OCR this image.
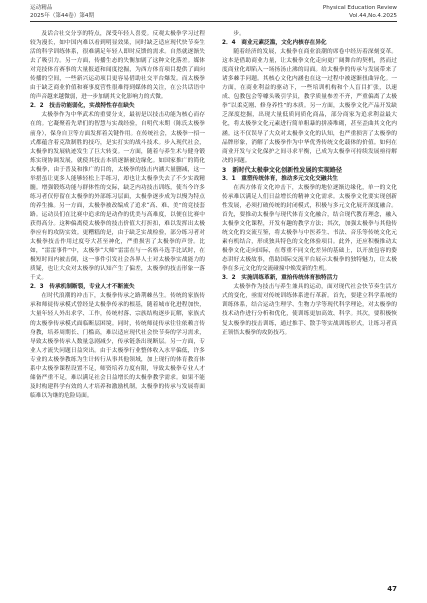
运动精品
2025年（第44卷）第4期
Physical Education Review
Vol.44,No.4.2025

及话合社交分享的特点，深受年轻人喜爱。反观太极拳学习过程较为漫长，如中国内难以看到明显效果，同时缺乏适应现代快节奏生活的科学训练体系，很难满足年轻人即时反馈的需求。自然就逐渐失去了吸引力。另一方面，传播生态的失衡加剧了这种文化落差。媒体对竞技体育赛事的大量报道和闻度挖掘，为西方体育项目提供了面向传播的空间，一些新兴运动项目更容易借助社交平台爆发。而太极拳由于缺乏商业价值和赛事度营性很难得到媒体的关注，在公共话语中的声音越来越微弱，进一步加剧其文化影响力的式微。

2．2　技击功能弱化，实战特性存在缺失

太极拳作为中华武术的重要分支，最初是以技击功能为核心而存在的。它凝聚着先辈们的智慧与实战经验，自明代末期（陈氏太极拳前身），保身自卫等方面发挥着关键作用。在传统社会，太极拳一招一式都蕴含着克敌制胜的技巧，是实打实的战斗技术。步入现代社会，太极拳的发展轨迹发生了巨大转变。一方面，随着与养生术与健身锻炼实现协调发展，就使其技击本质逐渐被边缘化。如国家推广的简化太极拳，由于普及和推广的目的，太极拳的技击内涵大量删减，这一举措虽让更多人能够轻松上手练习，却也让太极拳失去了不少实战精髓。增强锻炼功能与群体性的交际，缺乏内功技击训练，使当今许多练习者仅停留在太极拳的外部练习层面，太极拳逐步成为以慢为特点的养生操。另一方面，太极拳被改编成了追求“高、难、美”的竞技套路。运动员们在比赛中追求的是动作的优美与高难度，以便在比赛中获得高分。这种偏离使太极拳的技击价值大打折扣，难以发挥出太极拳应有的攻防实效。更糟糕的是，由于缺乏实战检验，部分练习者对太极拳技击作用过度夸大甚至神化，严重损害了太极拳的声誉。比如，“雷雷事件”中，太极拳“大师”雷雷在与一名格斗选手比试时，在极短时间内被击倒，这一事件引发社会各界人士对太极拳实战能力的质疑，也让大众对太极拳的认知产生了偏差，太极拳的技击形象一落千丈。

2．3　传承机制断裂，专业人才不断流失

在时代浪潮的冲击下，太极拳传承之路荆棘丛生。传统的家族传承和师徒传承模式曾经是太极拳传承的根基，随着城市化进程加快，大量年轻人外出求学、工作，传统村落、宗族结构逐步瓦解，家族式的太极拳传承模式面临断层困境。同时，传统师徒传承往往依赖言传身教，培养周期长、门槛高，难以适应现代社会快节奏的学习需求，导致太极拳传承人数量急剧减少，传承链条出现断层。另一方面，专业人才流失问题日益突出。由于太极拳行业整体收入水平偏低，许多专业的太极拳教练为生计转行从事其他领域，加上现行的体育教育体系中太极拳课程设置不足，师资培养力度有限，导致太极拳专业人才储备严重不足，难以满足社会日益增长的太极拳教学需求。如果不能及时构建科学有效的人才培养和激励机制，太极拳的传承与发展将面临难以为继的危险局面。

步。

2．4　商业元素泛滥，文化内核存在异化

随着经济的发展，太极拳在商业浪潮的席卷中经历着深刻变革。这本是借助商业力量，让太极拳文化走向更广阔舞台的契机，然而过度商业化却陷入一场扬汤止沸的局面。给太极拳的传承与发展带来了诸多棘手问题。其核心文化内涵也在这一过程中被逐渐扭曲异化。一方面，在商业利益的驱动下，一些培训机构和个人盲目扩张，以速成、包教包会等噱头吸引学员，教学质量参差不齐，严重偏离了太极拳“以柔克刚、修身养性”的本质。另一方面，太极拳文化产品开发缺乏深度挖掘，出现大量低质同质化商品，部分商家为追求利益最大化，将太极拳文化元素进行简单粗暴的拼凑堆砌，甚至歪曲其文化内涵。这不仅误导了大众对太极拳文化的认知，也严重损害了太极拳的品牌形象，消解了太极拳作为中华优秀传统文化载体的价值。如何在商业开发与文化保护之间寻求平衡，已成为太极拳可持续发展亟待解决的问题。

3　新时代太极拳文化创新性发展的实现路径

3．1　重塑传统体育，推动多元文化交融共生

在西方体育文化冲击下，太极拳的地位逐渐边缘化，单一的文化传承难以满足人们日益增长的精神文化需求。太极拳文化要实现创新性发展，必须打破传统的封闭模式，积极与多元文化展开深度融合。首先，要推动太极拳与现代体育文化融合，结合现代教育理念，融入太极拳文化课程，开发有趣的教学方法；其次，加强太极拳与其他传统文化的交流互鉴，将太极拳与中医养生、书法、音乐等传统文化元素有机结合，形成独具特色的文化体验项目。此外，还应积极推动太极拳文化走向国际，在尊重不同文化差异的基础上，以开放包容的姿态讲好太极故事，借助国际交流平台展示太极拳的独特魅力，让太极拳在多元文化的交流碰撞中焕发新的生机。

3．2　实施训练革新，重拾传统体育独特活力

太极拳作为技击与养生兼具的运动，面对现代社会快节奏生活方式的变化，亟需对传统训练体系进行革新。首先，要建立科学系统的训练体系，结合运动生理学、生物力学等现代科学理论，对太极拳的技术动作进行分析和优化，使训练更加高效、科学。其次，要积极恢复太极拳的技击训练，通过推手、散手等实战训练形式，让练习者真正领悟太极拳的攻防技巧。

47
